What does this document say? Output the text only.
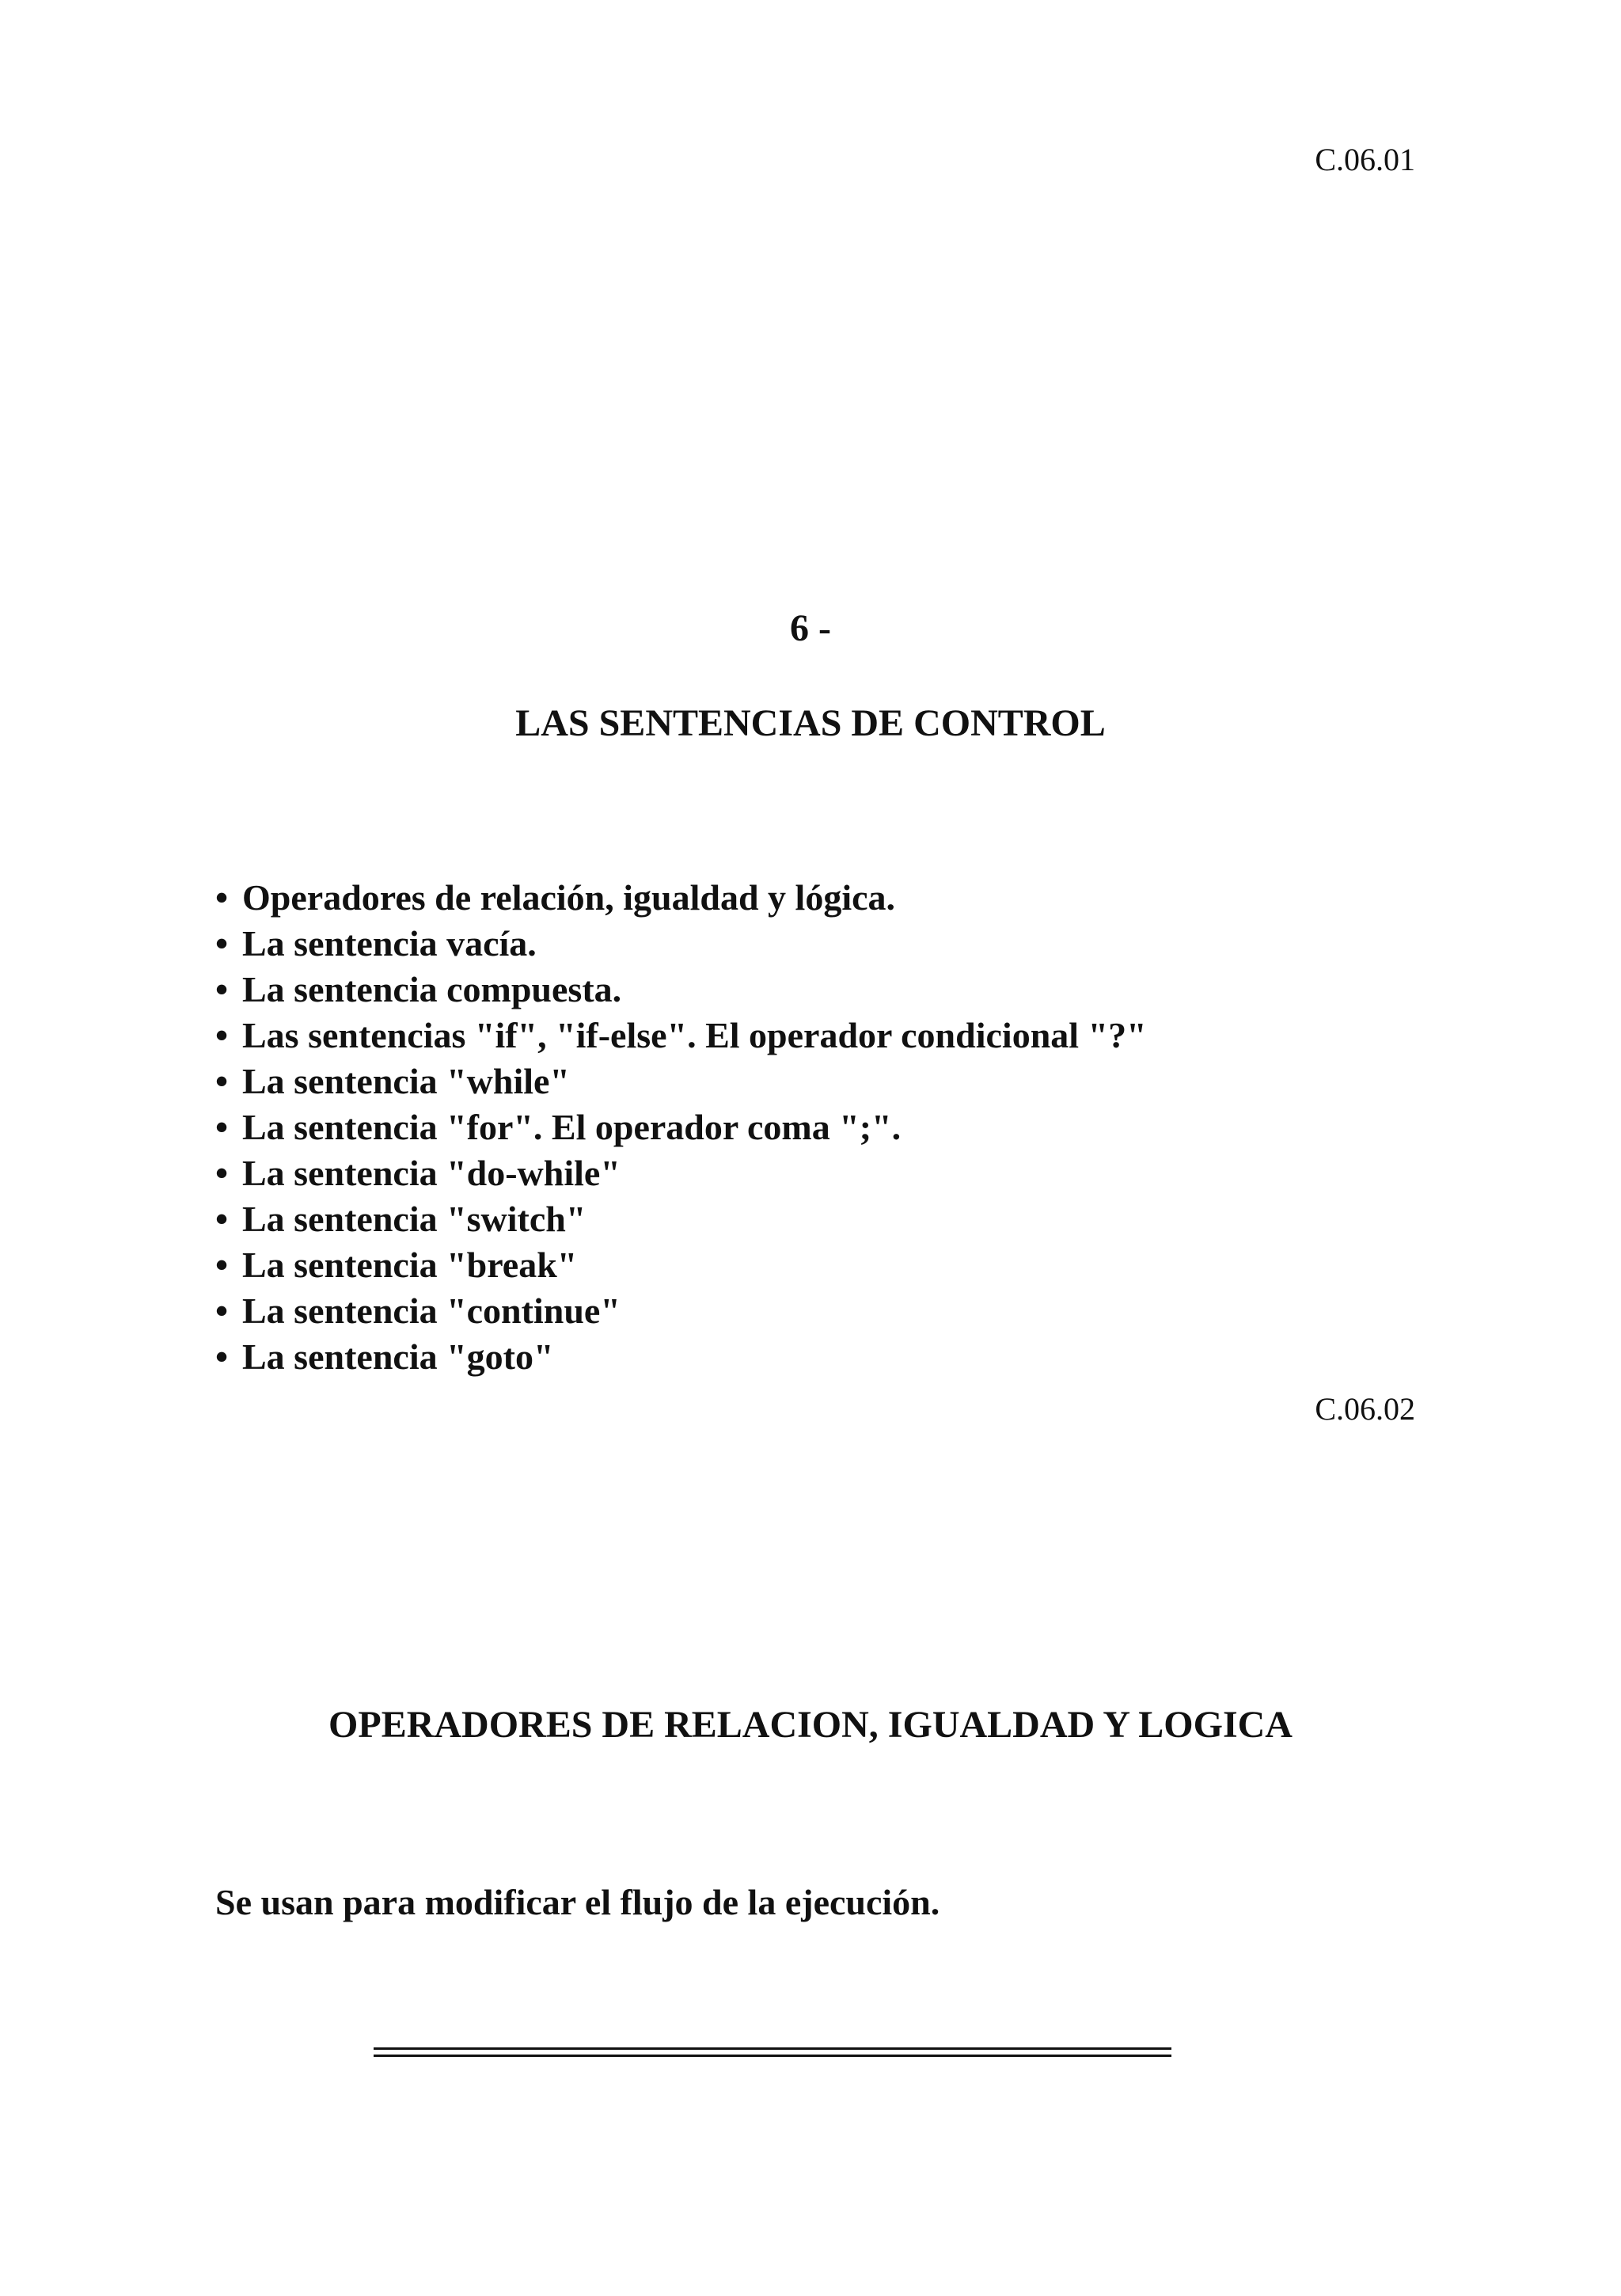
C.06.01
6 -
LAS SENTENCIAS DE CONTROL
• Operadores de relación, igualdad y lógica.
• La sentencia vacía.
• La sentencia compuesta.
• Las sentencias "if", "if-else". El operador condicional "?"
• La sentencia "while"
• La sentencia "for". El operador coma ";".
• La sentencia "do-while"
• La sentencia "switch"
• La sentencia "break"
• La sentencia "continue"
• La sentencia "goto"
C.06.02
OPERADORES DE RELACION, IGUALDAD Y LOGICA
Se usan para modificar el flujo de la ejecución.
